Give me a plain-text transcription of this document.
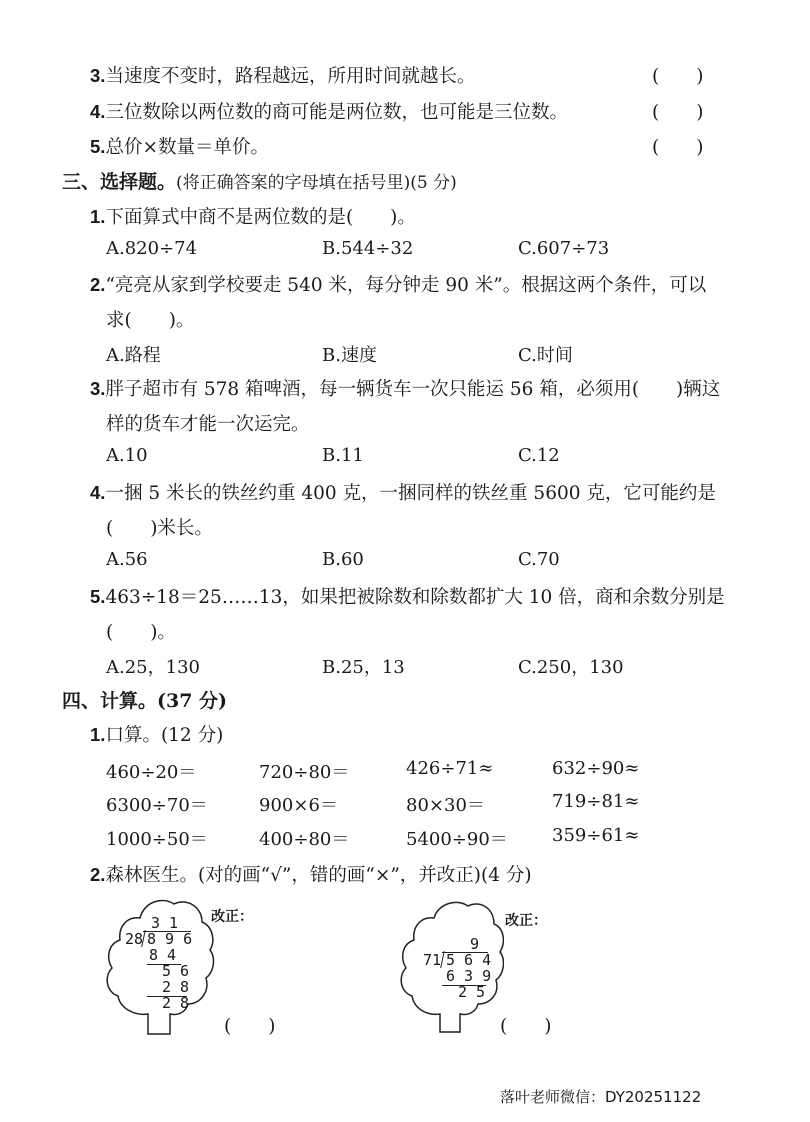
3.当速度不变时，路程越远，所用时间就越长。	(　　)
4.三位数除以两位数的商可能是两位数，也可能是三位数。	(　　)
5.总价×数量＝单价。	(　　)
三、选择题。(将正确答案的字母填在括号里)(5 分)
1.下面算式中商不是两位数的是(　　)。
A.820÷74	B.544÷32	C.607÷73
2.“亮亮从家到学校要走 540 米，每分钟走 90 米”。根据这两个条件，可以
求(　　)。
A.路程	B.速度	C.时间
3.胖子超市有 578 箱啤酒，每一辆货车一次只能运 56 箱，必须用(　　)辆这
样的货车才能一次运完。
A.10	B.11	C.12
4.一捆 5 米长的铁丝约重 400 克，一捆同样的铁丝重 5600 克，它可能约是
(　　)米长。
A.56	B.60	C.70
5.463÷18＝25……13，如果把被除数和除数都扩大 10 倍，商和余数分别是
(　　)。
A.25，130	B.25，13	C.250，130
四、计算。(37 分)
1.口算。(12 分)
460÷20＝	720÷80＝	426÷71≈	632÷90≈
6300÷70＝	900×6＝	80×30＝	719÷81≈
1000÷50＝	400÷80＝	5400÷90＝ 359÷61≈
2.森林医生。(对的画“√”，错的画“×”，并改正)(4 分)
3 1
28 8 9 6
8 4
5 6
2 8
2 8
改正：
(　　)
9
71 5 6 4
6 3 9
2 5
改正：
(　　)
落叶老师微信：DY20251122
